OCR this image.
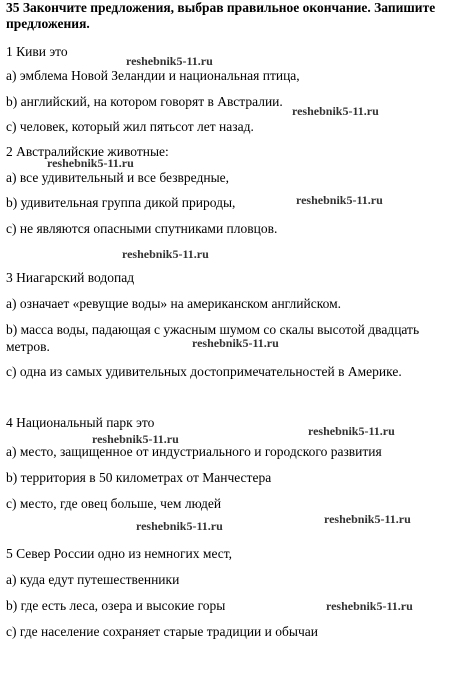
35 Закончите предложения, выбрав правильное окончание. Запишите предложения.
1 Киви это
a) эмблема Новой Зеландии и национальная птица,
b) английский, на котором говорят в Австралии.
c) человек, который жил пятьсот лет назад.
2 Австралийские животные:
a) все удивительный и все безвредные,
b) удивительная группа дикой природы,
c) не являются опасными спутниками пловцов.
3 Ниагарский водопад
a) означает «ревущие воды» на американском английском.
b) масса воды, падающая с ужасным шумом со скалы высотой двадцать
метров.
c) одна из самых удивительных достопримечательностей в Америке.
4 Национальный парк это
a) место, защищенное от индустриального и городского развития
b) территория в 50 километрах от Манчестера
c) место, где овец больше, чем людей
5 Север России одно из немногих мест,
a) куда едут путешественники
b) где есть леса, озера и высокие горы
c) где население сохраняет старые традиции и обычаи
reshebnik5-11.ru
reshebnik5-11.ru
reshebnik5-11.ru
reshebnik5-11.ru
reshebnik5-11.ru
reshebnik5-11.ru
reshebnik5-11.ru
reshebnik5-11.ru
reshebnik5-11.ru	reshebnik5-11.ru
reshebnik5-11.ru
